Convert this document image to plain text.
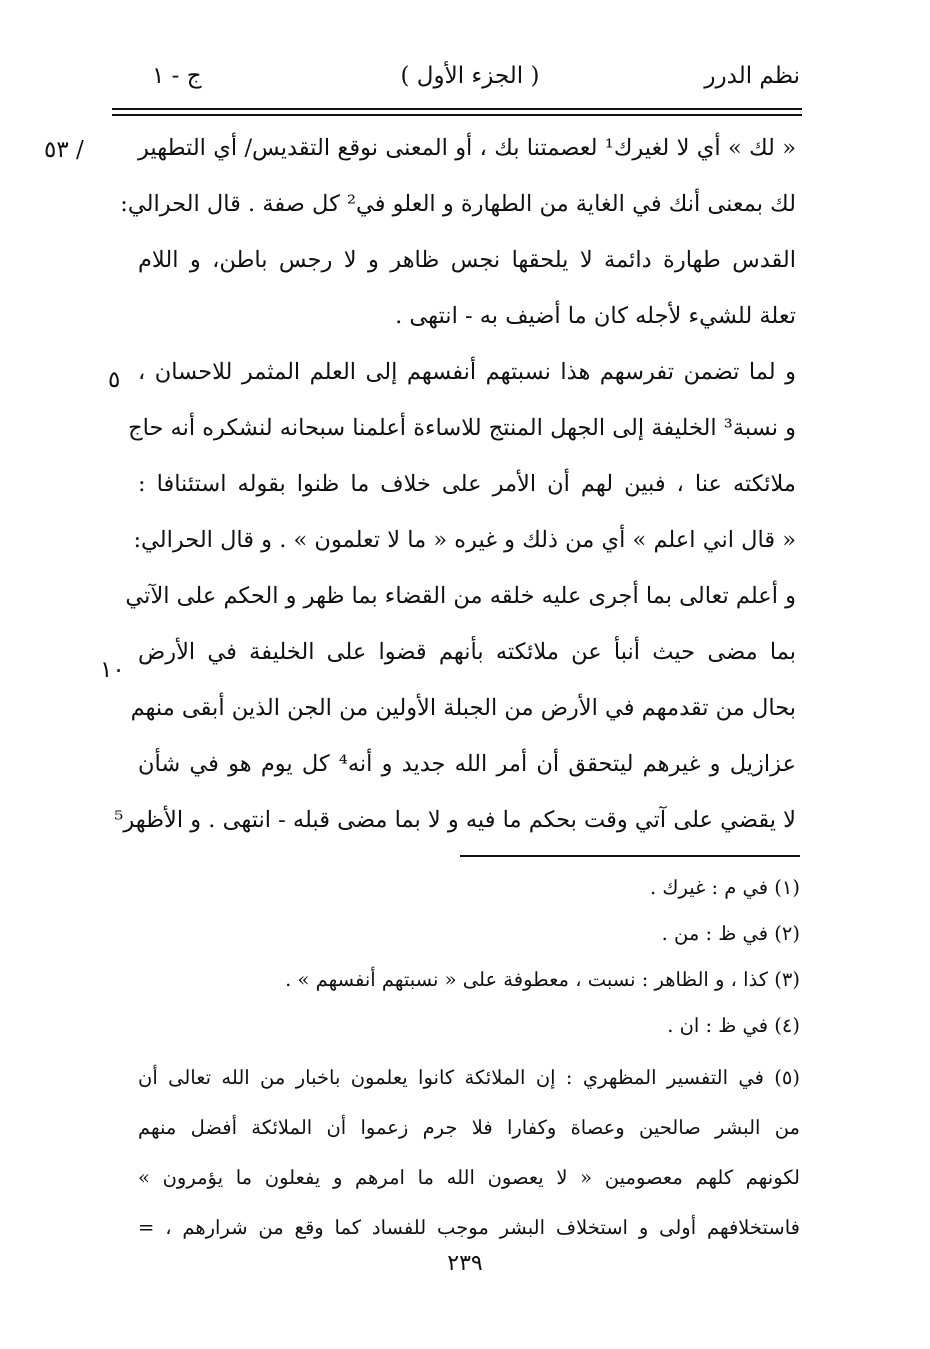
نظم الدرر
( الجزء الأول )
ج - ١
/ ٥٣
٥
١٠
« لك » أي لا لغيرك¹ لعصمتنا بك ، أو المعنى نوقع التقديس/ أي التطهير
لك بمعنى أنك في الغاية من الطهارة و العلو في² كل صفة . قال الحرالي:
القدس طهارة دائمة لا يلحقها نجس ظاهر و لا رجس باطن، و اللام
تعلة للشيء لأجله كان ما أضيف به - انتهى .
و لما تضمن تفرسهم هذا نسبتهم أنفسهم إلى العلم المثمر للاحسان ،
و نسبة³ الخليفة إلى الجهل المنتج للاساءة أعلمنا سبحانه لنشكره أنه حاج
ملائكته عنا ، فبين لهم أن الأمر على خلاف ما ظنوا بقوله استئنافا :
« قال اني اعلم » أي من ذلك و غيره « ما لا تعلمون » . و قال الحرالي:
و أعلم تعالى بما أجرى عليه خلقه من القضاء بما ظهر و الحكم على الآتي
بما مضى حيث أنبأ عن ملائكته بأنهم قضوا على الخليفة في الأرض
بحال من تقدمهم في الأرض من الجبلة الأولين من الجن الذين أبقى منهم
عزازيل و غيرهم ليتحقق أن أمر الله جديد و أنه⁴ كل يوم هو في شأن
لا يقضي على آتي وقت بحكم ما فيه و لا بما مضى قبله - انتهى . و الأظهر⁵
(١) في م : غيرك .
(٢) في ظ : من .
(٣) كذا ، و الظاهر : نسبت ، معطوفة على « نسبتهم أنفسهم » .
(٤) في ظ : ان .
(٥) في التفسير المظهري : إن الملائكة كانوا يعلمون باخبار من الله تعالى أن
من البشر صالحين وعصاة وكفارا فلا جرم زعموا أن الملائكة أفضل منهم
لكونهم كلهم معصومين « لا يعصون الله ما امرهم و يفعلون ما يؤمرون »
فاستخلافهم أولى و استخلاف البشر موجب للفساد كما وقع من شرارهم ، =
٢٣٩
